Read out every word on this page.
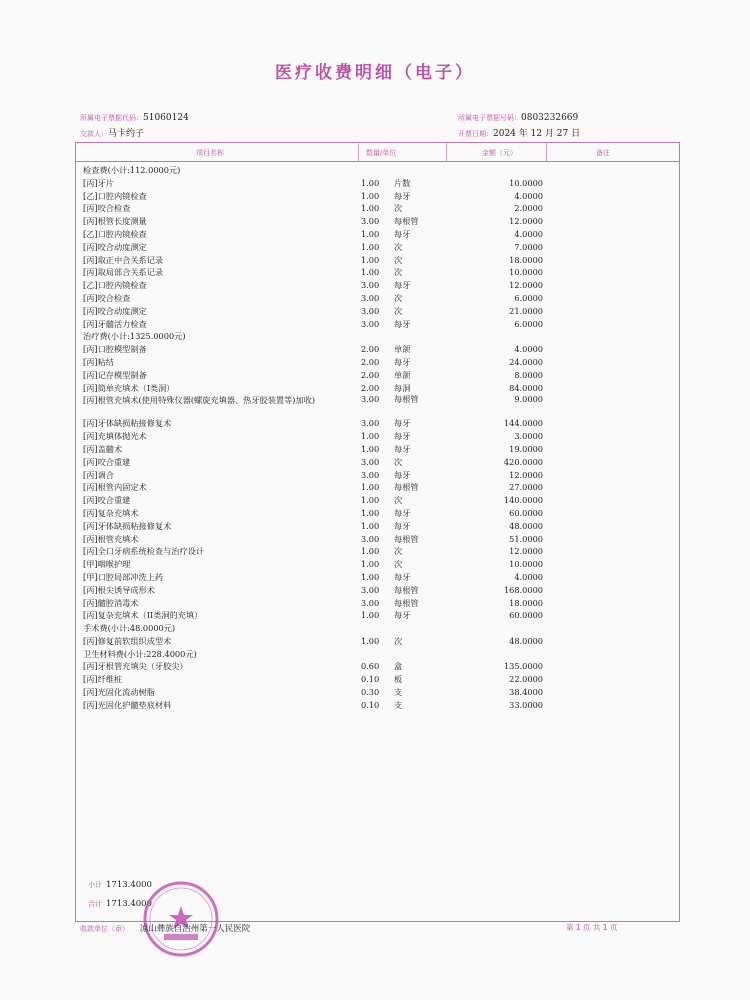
医疗收费明细（电子）
所属电子票据代码：51060124
交款人：马卡约子
所属电子票据号码：0803232669
开票日期：2024 年 12 月 27 日
项目名称	数量/单位	金额（元）	备注
检查费(小计:112.0000元)
[丙]牙片	1.00 片数	10.0000
[乙]口腔内镜检查	1.00 每牙	4.0000
[丙]咬合检查	1.00 次	2.0000
[丙]根管长度测量	3.00 每根管	12.0000
[乙]口腔内镜检查	1.00 每牙	4.0000
[丙]咬合动度测定	1.00 次	7.0000
[丙]取正中合关系记录	1.00 次	18.0000
[丙]取局部合关系记录	1.00 次	10.0000
[乙]口腔内镜检查	3.00 每牙	12.0000
[丙]咬合检查	3.00 次	6.0000
[丙]咬合动度测定	3.00 次	21.0000
[丙]牙髓活力检查	3.00 每牙	6.0000
治疗费(小计:1325.0000元)
[丙]口腔模型制备	2.00 单颌	4.0000
[丙]粘结	2.00 每牙	24.0000
[丙]记存模型制备	2.00 单颌	8.0000
[丙]简单充填术（I类洞）	2.00 每洞	84.0000
[丙]根管充填术(使用特殊仪器(螺旋充填器、热牙胶装置等)加收)	3.00 每根管	9.0000
[丙]牙体缺损粘接修复术	3.00 每牙	144.0000
[丙]充填体抛光术	1.00 每牙	3.0000
[丙]盖髓术	1.00 每牙	19.0000
[丙]咬合重建	3.00 次	420.0000
[丙]调合	3.00 每牙	12.0000
[丙]根管内固定术	1.00 每根管	27.0000
[丙]咬合重建	1.00 次	140.0000
[丙]复杂充填术	1.00 每牙	60.0000
[丙]牙体缺损粘接修复术	1.00 每牙	48.0000
[丙]根管充填术	3.00 每根管	51.0000
[丙]全口牙病系统检查与治疗设计	1.00 次	12.0000
[甲]咽喉护理	1.00 次	10.0000
[甲]口腔局部冲洗上药	1.00 每牙	4.0000
[丙]根尖诱导成形术	3.00 每根管	168.0000
[丙]髓腔消毒术	3.00 每根管	18.0000
[丙]复杂充填术（II类洞的充填）	1.00 每牙	60.0000
手术费(小计:48.0000元)
[丙]修复前软组织成型术	1.00 次	48.0000
卫生材料费(小计:228.4000元)
[丙]牙根管充填尖（牙胶尖）	0.60 盒	135.0000
[丙]纤维桩	0.10 板	22.0000
[丙]光固化流动树脂	0.30 支	38.4000
[丙]光固化护髓垫底材料	0.10 支	33.0000
小计 1713.4000
合计 1713.4000
收款单位（章） 凉山彝族自治州第一人民医院	第 1 页 共 1 页
